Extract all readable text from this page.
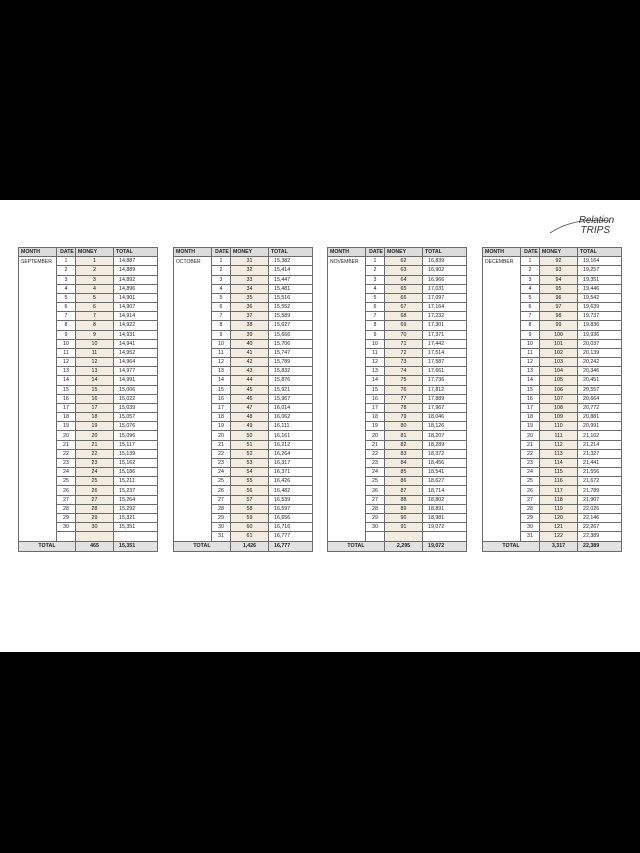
Relation
TRIPS
MONTH	DATE	MONEY	TOTAL
SEPTEMBER	1	1	14,887
	2	2	14,889
	3	3	14,892
	4	4	14,896
	5	5	14,901
	6	6	14,907
	7	7	14,914
	8	8	14,922
	9	9	14,931
	10	10	14,941
	11	11	14,952
	12	12	14,964
	13	13	14,977
	14	14	14,991
	15	15	15,006
	16	16	15,022
	17	17	15,039
	18	18	15,057
	19	19	15,076
	20	20	15,096
	21	21	15,117
	22	22	15,139
	23	23	15,162
	24	24	15,186
	25	25	15,211
	26	26	15,237
	27	27	15,264
	28	28	15,292
	29	29	15,321
	30	30	15,351

TOTAL		465	15,351
MONTH	DATE	MONEY	TOTAL
OCTOBER	1	31	15,382
	2	32	15,414
	3	33	15,447
	4	34	15,481
	5	35	15,516
	6	36	15,552
	7	37	15,589
	8	38	15,627
	9	39	15,666
	10	40	15,706
	11	41	15,747
	12	42	15,789
	13	43	15,832
	14	44	15,876
	15	45	15,921
	16	46	15,967
	17	47	16,014
	18	48	16,062
	19	49	16,111
	20	50	16,161
	21	51	16,212
	22	52	16,264
	23	53	16,317
	24	54	16,371
	25	55	16,426
	26	56	16,482
	27	57	16,539
	28	58	16,597
	29	59	16,656
	30	60	16,716
	31	61	16,777
TOTAL		1,426	16,777
MONTH	DATE	MONEY	TOTAL
NOVEMBER	1	62	16,839
	2	63	16,902
	3	64	16,966
	4	65	17,031
	5	66	17,097
	6	67	17,164
	7	68	17,232
	8	69	17,301
	9	70	17,371
	10	71	17,442
	11	72	17,514
	12	73	17,587
	13	74	17,661
	14	75	17,736
	15	76	17,812
	16	77	17,889
	17	78	17,967
	18	79	18,046
	19	80	18,126
	20	81	18,207
	21	82	18,289
	22	83	18,372
	23	84	18,456
	24	85	18,541
	25	86	18,627
	26	87	18,714
	27	88	18,802
	28	89	18,891
	29	90	18,981
	30	91	19,072

TOTAL		2,295	19,072
MONTH	DATE	MONEY	TOTAL
DECEMBER	1	92	19,164
	2	93	19,257
	3	94	19,351
	4	95	19,446
	5	96	19,542
	6	97	19,639
	7	98	19,737
	8	99	19,836
	9	100	19,936
	10	101	20,037
	11	102	20,139
	12	103	20,242
	13	104	20,346
	14	105	20,451
	15	106	20,557
	16	107	20,664
	17	108	20,772
	18	109	20,881
	19	110	20,991
	20	111	21,102
	21	112	21,214
	22	113	21,327
	23	114	21,441
	24	115	21,556
	25	116	21,672
	26	117	21,789
	27	118	21,907
	28	119	22,026
	29	120	22,146
	30	121	22,267
	31	122	22,389
TOTAL		3,317	22,389
